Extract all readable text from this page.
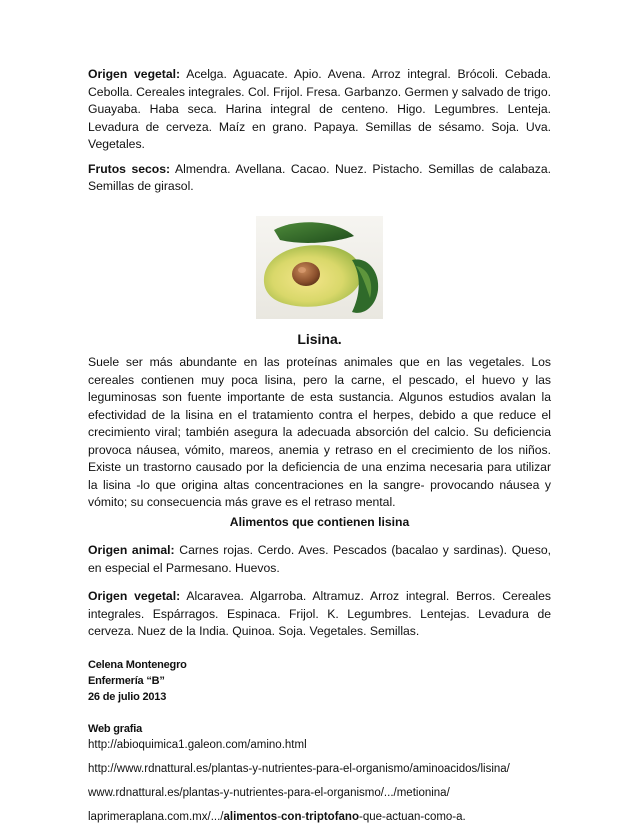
Origen vegetal: Acelga. Aguacate. Apio. Avena. Arroz integral. Brócoli. Cebada. Cebolla. Cereales integrales. Col. Frijol. Fresa. Garbanzo. Germen y salvado de trigo. Guayaba. Haba seca. Harina integral de centeno. Higo. Legumbres. Lenteja. Levadura de cerveza. Maíz en grano. Papaya. Semillas de sésamo. Soja. Uva. Vegetales.

Frutos secos: Almendra. Avellana. Cacao. Nuez. Pistacho. Semillas de calabaza. Semillas de girasol.

Lisina.

Suele ser más abundante en las proteínas animales que en las vegetales. Los cereales contienen muy poca lisina, pero la carne, el pescado, el huevo y las leguminosas son fuente importante de esta sustancia. Algunos estudios avalan la efectividad de la lisina en el tratamiento contra el herpes, debido a que reduce el crecimiento viral; también asegura la adecuada absorción del calcio. Su deficiencia provoca náusea, vómito, mareos, anemia y retraso en el crecimiento de los niños. Existe un trastorno causado por la deficiencia de una enzima necesaria para utilizar la lisina -lo que origina altas concentraciones en la sangre- provocando náusea y vómito; su consecuencia más grave es el retraso mental.

Alimentos que contienen lisina

Origen animal: Carnes rojas. Cerdo. Aves. Pescados (bacalao y sardinas). Queso, en especial el Parmesano. Huevos.

Origen vegetal: Alcaravea. Algarroba. Altramuz. Arroz integral. Berros. Cereales integrales. Espárragos. Espinaca. Frijol. K. Legumbres. Lentejas. Levadura de cerveza. Nuez de la India. Quinoa. Soja. Vegetales. Semillas.

Celena Montenegro
Enfermería “B”
26 de julio 2013
Web grafia

http://abioquimica1.galeon.com/amino.html

http://www.rdnattural.es/plantas-y-nutrientes-para-el-organismo/aminoacidos/lisina/

www.rdnattural.es/plantas-y-nutrientes-para-el-organismo/.../metionina/

laprimeraplana.com.mx/.../alimentos-con-triptofano-que-actuan-como-a.
